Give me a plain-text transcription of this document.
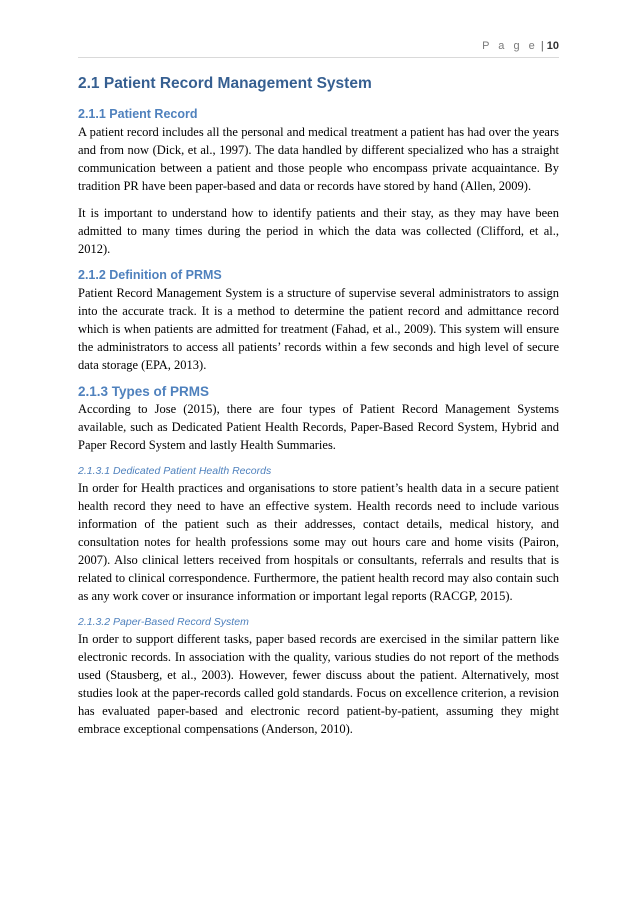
P a g e | 10
2.1 Patient Record Management System
2.1.1 Patient Record

A patient record includes all the personal and medical treatment a patient has had over the years and from now (Dick, et al., 1997). The data handled by different specialized who has a straight communication between a patient and those people who encompass private acquaintance. By tradition PR have been paper-based and data or records have stored by hand (Allen, 2009).

It is important to understand how to identify patients and their stay, as they may have been admitted to many times during the period in which the data was collected (Clifford, et al., 2012).

2.1.2 Definition of PRMS

Patient Record Management System is a structure of supervise several administrators to assign into the accurate track. It is a method to determine the patient record and admittance record which is when patients are admitted for treatment (Fahad, et al., 2009). This system will ensure the administrators to access all patients’ records within a few seconds and high level of secure data storage (EPA, 2013).

2.1.3 Types of PRMS

According to Jose (2015), there are four types of Patient Record Management Systems available, such as Dedicated Patient Health Records, Paper-Based Record System, Hybrid and Paper Record System and lastly Health Summaries.

2.1.3.1 Dedicated Patient Health Records

In order for Health practices and organisations to store patient’s health data in a secure patient health record they need to have an effective system. Health records need to include various information of the patient such as their addresses, contact details, medical history, and consultation notes for health professions some may out hours care and home visits (Pairon, 2007). Also clinical letters received from hospitals or consultants, referrals and results that is related to clinical correspondence. Furthermore, the patient health record may also contain such as any work cover or insurance information or important legal reports (RACGP, 2015).

2.1.3.2 Paper-Based Record System

In order to support different tasks, paper based records are exercised in the similar pattern like electronic records. In association with the quality, various studies do not report of the methods used (Stausberg, et al., 2003). However, fewer discuss about the patient. Alternatively, most studies look at the paper-records called gold standards. Focus on excellence criterion, a revision has evaluated paper-based and electronic record patient-by-patient, assuming they might embrace exceptional compensations (Anderson, 2010).
